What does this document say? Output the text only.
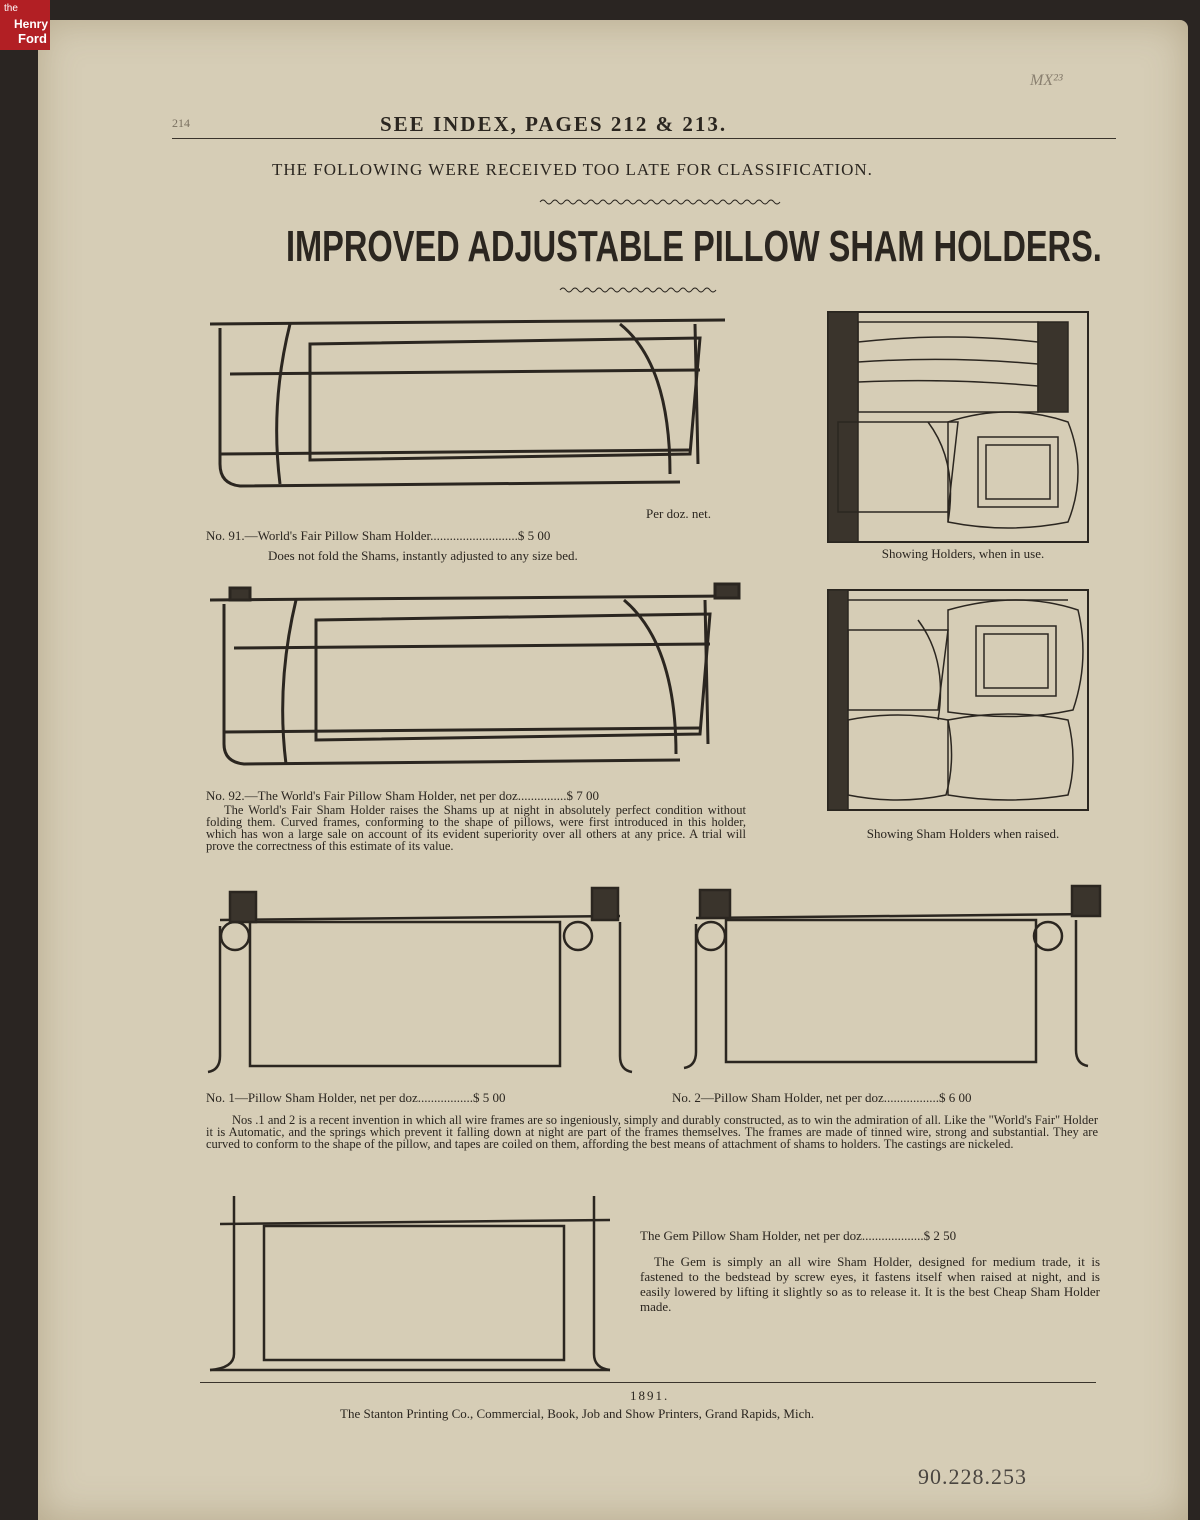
the
Henry
Ford
214
MX²³
SEE INDEX, PAGES 212 & 213.
THE FOLLOWING WERE RECEIVED TOO LATE FOR CLASSIFICATION.
IMPROVED ADJUSTABLE PILLOW SHAM HOLDERS.
Per doz. net.
No. 91.—World's Fair Pillow Sham Holder...........................$ 5 00
Does not fold the Shams, instantly adjusted to any size bed.	Showing Holders, when in use.
No. 92.—The World's Fair Pillow Sham Holder, net per doz...............$ 7 00
The World's Fair Sham Holder raises the Shams up at night in absolutely perfect condition without folding them. Curved frames, conforming to the shape of pillows, were first introduced in this holder, which has won a large sale on account of its evident superiority over all others at any price. A trial will prove the correctness of this estimate of its value.
Showing Sham Holders when raised.
No. 1—Pillow Sham Holder, net per doz.................$ 5 00	No. 2—Pillow Sham Holder, net per doz.................$ 6 00
Nos .1 and 2 is a recent invention in which all wire frames are so ingeniously, simply and durably constructed, as to win the admiration of all. Like the "World's Fair" Holder it is Automatic, and the springs which prevent it falling down at night are part of the frames themselves. The frames are made of tinned wire, strong and substantial. They are curved to conform to the shape of the pillow, and tapes are coiled on them, affording the best means of attachment of shams to holders. The castings are nickeled.
The Gem Pillow Sham Holder, net per doz...................$ 2 50
The Gem is simply an all wire Sham Holder, designed for medium trade, it is fastened to the bedstead by screw eyes, it fastens itself when raised at night, and is easily lowered by lifting it slightly so as to release it. It is the best Cheap Sham Holder made.
1891.
The Stanton Printing Co., Commercial, Book, Job and Show Printers, Grand Rapids, Mich.
90.228.253
